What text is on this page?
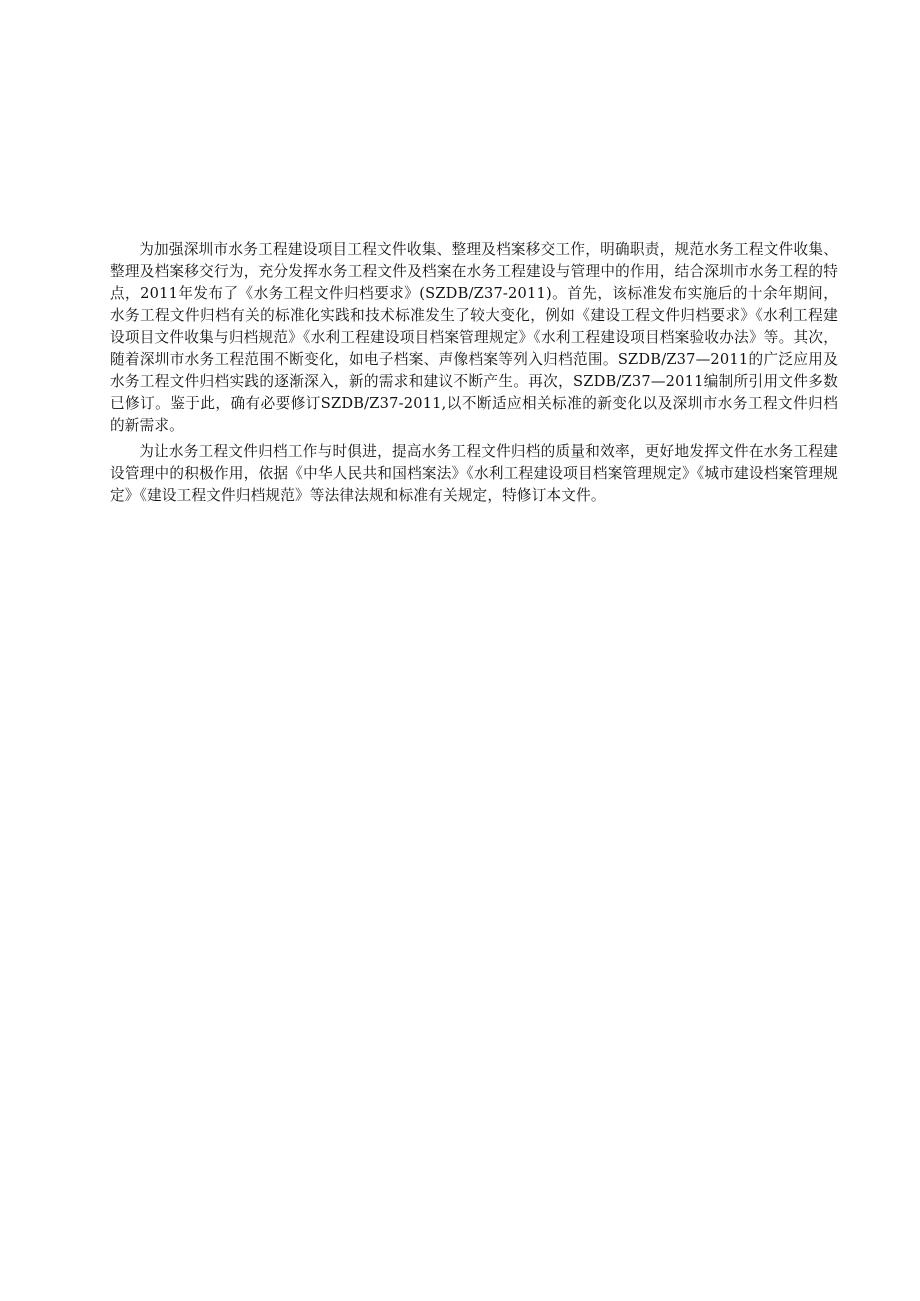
为加强深圳市水务工程建设项目工程文件收集、整理及档案移交工作，明确职责，规范水务工程文件收集、整理及档案移交行为，充分发挥水务工程文件及档案在水务工程建设与管理中的作用，结合深圳市水务工程的特点，2011年发布了《水务工程文件归档要求》(SZDB/Z37-2011)。首先，该标准发布实施后的十余年期间，水务工程文件归档有关的标准化实践和技术标准发生了较大变化，例如《建设工程文件归档要求》《水利工程建设项目文件收集与归档规范》《水利工程建设项目档案管理规定》《水利工程建设项目档案验收办法》等。其次，随着深圳市水务工程范围不断变化，如电子档案、声像档案等列入归档范围。SZDB/Z37—2011的广泛应用及水务工程文件归档实践的逐渐深入，新的需求和建议不断产生。再次，SZDB/Z37—2011编制所引用文件多数已修订。鉴于此，确有必要修订SZDB/Z37-2011,以不断适应相关标准的新变化以及深圳市水务工程文件归档的新需求。

为让水务工程文件归档工作与时俱进，提高水务工程文件归档的质量和效率，更好地发挥文件在水务工程建设管理中的积极作用，依据《中华人民共和国档案法》《水利工程建设项目档案管理规定》《城市建设档案管理规定》《建设工程文件归档规范》等法律法规和标准有关规定，特修订本文件。
